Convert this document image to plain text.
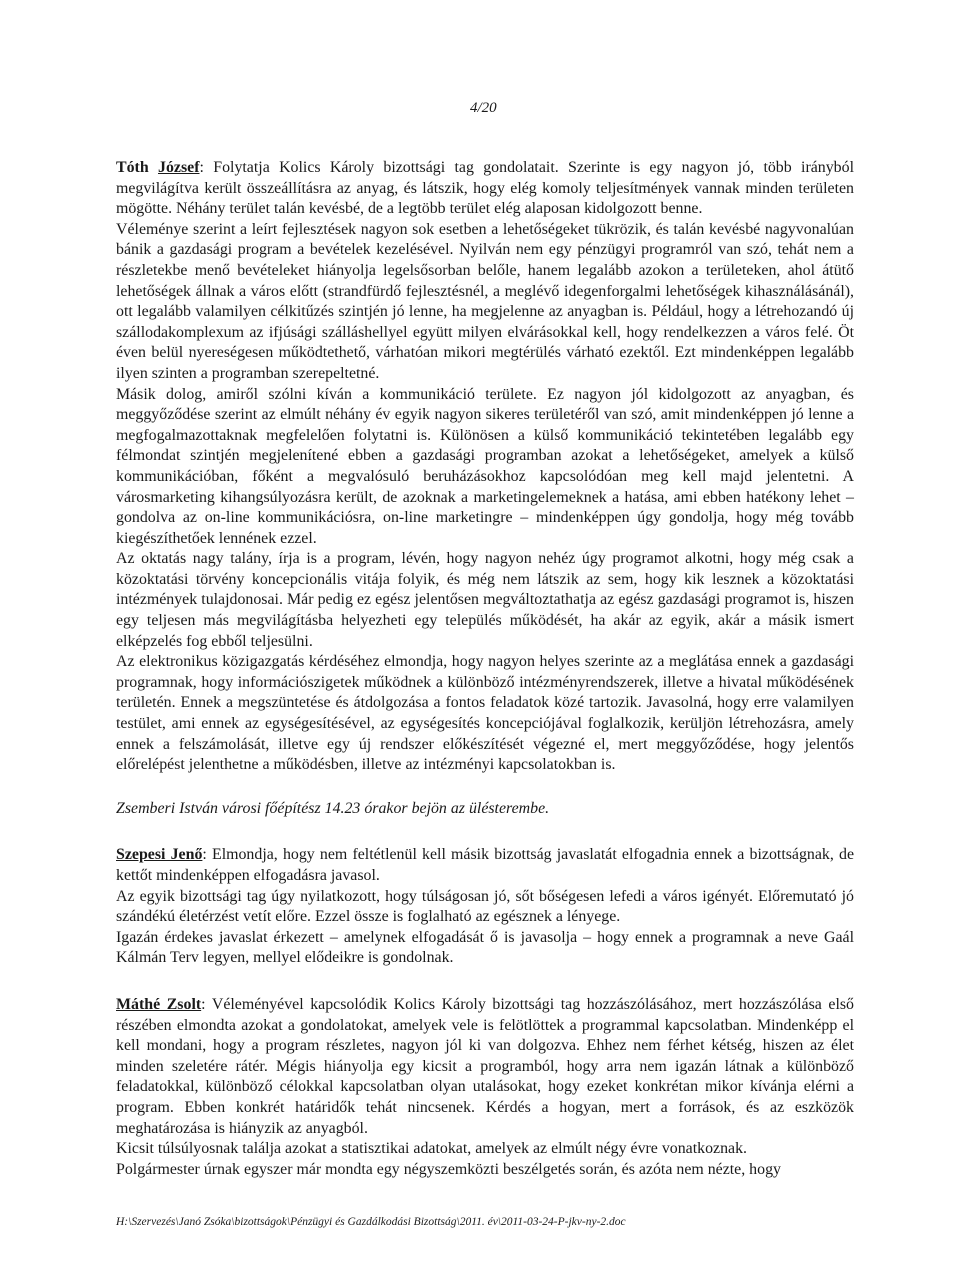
4/20

Tóth József: Folytatja Kolics Károly bizottsági tag gondolatait. Szerinte is egy nagyon jó, több irányból megvilágítva került összeállításra az anyag, és látszik, hogy elég komoly teljesítmények vannak minden területen mögötte. Néhány terület talán kevésbé, de a legtöbb terület elég alaposan kidolgozott benne.

Véleménye szerint a leírt fejlesztések nagyon sok esetben a lehetőségeket tükrözik, és talán kevésbé nagyvonalúan bánik a gazdasági program a bevételek kezelésével. Nyilván nem egy pénzügyi programról van szó, tehát nem a részletekbe menő bevételeket hiányolja legelsősorban belőle, hanem legalább azokon a területeken, ahol átütő lehetőségek állnak a város előtt (strandfürdő fejlesztésnél, a meglévő idegenforgalmi lehetőségek kihasználásánál), ott legalább valamilyen célkitűzés szintjén jó lenne, ha megjelenne az anyagban is. Például, hogy a létrehozandó új szállodakomplexum az ifjúsági szálláshellyel együtt milyen elvárásokkal kell, hogy rendelkezzen a város felé. Öt éven belül nyereségesen működtethető, várhatóan mikori megtérülés várható ezektől. Ezt mindenképpen legalább ilyen szinten a programban szerepeltetné.

Másik dolog, amiről szólni kíván a kommunikáció területe. Ez nagyon jól kidolgozott az anyagban, és meggyőződése szerint az elmúlt néhány év egyik nagyon sikeres területéről van szó, amit mindenképpen jó lenne a megfogalmazottaknak megfelelően folytatni is. Különösen a külső kommunikáció tekintetében legalább egy félmondat szintjén megjelenítené ebben a gazdasági programban azokat a lehetőségeket, amelyek a külső kommunikációban, főként a megvalósuló beruházásokhoz kapcsolódóan meg kell majd jelentetni. A városmarketing kihangsúlyozásra került, de azoknak a marketingelemeknek a hatása, ami ebben hatékony lehet – gondolva az on-line kommunikációsra, on-line marketingre – mindenképpen úgy gondolja, hogy még tovább kiegészíthetőek lennének ezzel.

Az oktatás nagy talány, írja is a program, lévén, hogy nagyon nehéz úgy programot alkotni, hogy még csak a közoktatási törvény koncepcionális vitája folyik, és még nem látszik az sem, hogy kik lesznek a közoktatási intézmények tulajdonosai. Már pedig ez egész jelentősen megváltoztathatja az egész gazdasági programot is, hiszen egy teljesen más megvilágításba helyezheti egy település működését, ha akár az egyik, akár a másik ismert elképzelés fog ebből teljesülni.

Az elektronikus közigazgatás kérdéséhez elmondja, hogy nagyon helyes szerinte az a meglátása ennek a gazdasági programnak, hogy információszigetek működnek a különböző intézményrendszerek, illetve a hivatal működésének területén. Ennek a megszüntetése és átdolgozása a fontos feladatok közé tartozik. Javasolná, hogy erre valamilyen testület, ami ennek az egységesítésével, az egységesítés koncepciójával foglalkozik, kerüljön létrehozásra, amely ennek a felszámolását, illetve egy új rendszer előkészítését végezné el, mert meggyőződése, hogy jelentős előrelépést jelenthetne a működésben, illetve az intézményi kapcsolatokban is.

Zsemberi István városi főépítész 14.23 órakor bejön az ülésterembe.

Szepesi Jenő: Elmondja, hogy nem feltétlenül kell másik bizottság javaslatát elfogadnia ennek a bizottságnak, de kettőt mindenképpen elfogadásra javasol.

Az egyik bizottsági tag úgy nyilatkozott, hogy túlságosan jó, sőt bőségesen lefedi a város igényét. Előremutató jó szándékú életérzést vetít előre. Ezzel össze is foglalható az egésznek a lényege.

Igazán érdekes javaslat érkezett – amelynek elfogadását ő is javasolja – hogy ennek a programnak a neve Gaál Kálmán Terv legyen, mellyel elődeikre is gondolnak.

Máthé Zsolt: Véleményével kapcsolódik Kolics Károly bizottsági tag hozzászólásához, mert hozzászólása első részében elmondta azokat a gondolatokat, amelyek vele is felötlöttek a programmal kapcsolatban. Mindenképp el kell mondani, hogy a program részletes, nagyon jól ki van dolgozva. Ehhez nem férhet kétség, hiszen az élet minden szeletére rátér. Mégis hiányolja egy kicsit a programból, hogy arra nem igazán látnak a különböző feladatokkal, különböző célokkal kapcsolatban olyan utalásokat, hogy ezeket konkrétan mikor kívánja elérni a program. Ebben konkrét határidők tehát nincsenek. Kérdés a hogyan, mert a források, és az eszközök meghatározása is hiányzik az anyagból.

Kicsit túlsúlyosnak találja azokat a statisztikai adatokat, amelyek az elmúlt négy évre vonatkoznak.

Polgármester úrnak egyszer már mondta egy négyszemközti beszélgetés során, és azóta nem nézte, hogy

H:\Szervezés\Janó Zsóka\bizottságok\Pénzügyi és Gazdálkodási Bizottság\2011. év\2011-03-24-P-jkv-ny-2.doc
